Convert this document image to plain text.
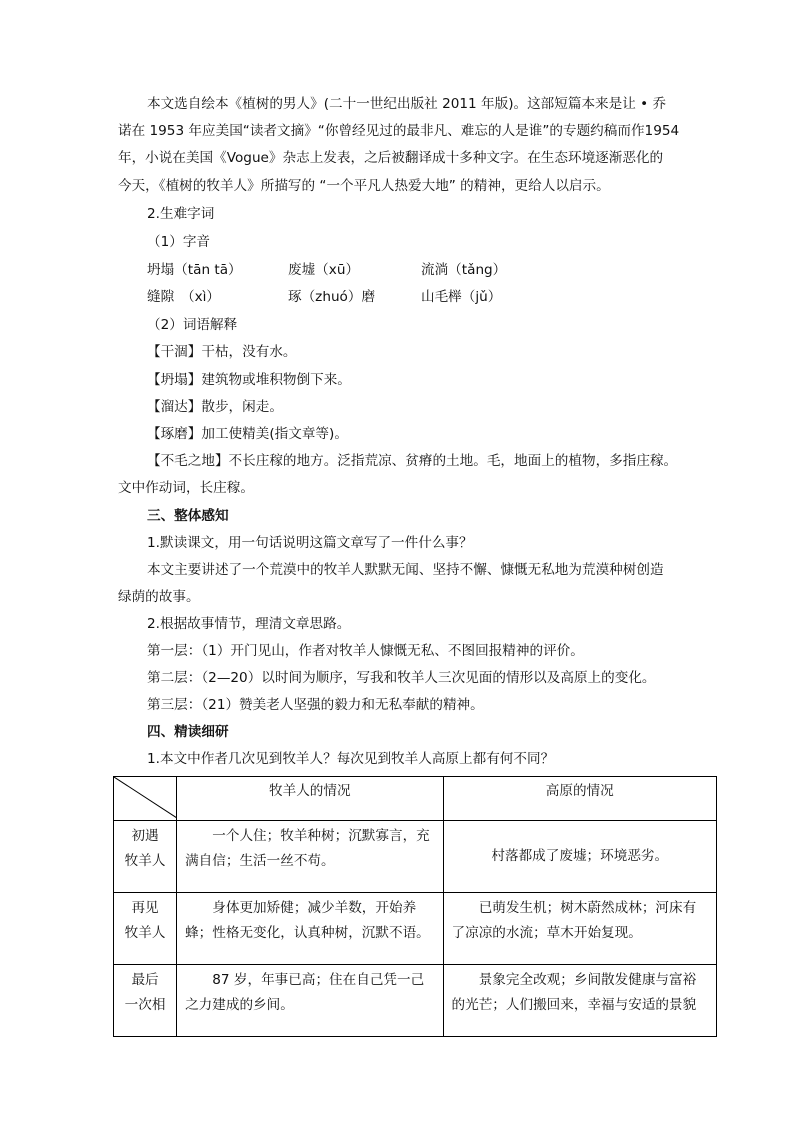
本文选自绘本《植树的男人》(二十一世纪出版社 2011 年版)。这部短篇本来是让 • 乔
诺在 1953 年应美国“读者文摘》“你曾经见过的最非凡、难忘的人是谁”的专题约稿而作1954
年，小说在美国《Vogue》杂志上发表，之后被翻译成十多种文字。在生态环境逐渐恶化的
今天，《植树的牧羊人》所描写的 “一个平凡人热爱大地” 的精神，更给人以启示。
2.生难字词
（1）字音
坍塌（tān tā）	废墟（xū）	流淌（tǎng）
缝隙　（xì）	琢（zhuó）磨	山毛榉（jǔ）
（2）词语解释
【干涸】干枯，没有水。
【坍塌】建筑物或堆积物倒下来。
【溜达】散步，闲走。
【琢磨】加工使精美(指文章等)。
【不毛之地】不长庄稼的地方。泛指荒凉、贫瘠的土地。毛，地面上的植物，多指庄稼。
文中作动词，长庄稼。
三、整体感知
1.默读课文，用一句话说明这篇文章写了一件什么事？
本文主要讲述了一个荒漠中的牧羊人默默无闻、坚持不懈、慷慨无私地为荒漠种树创造
绿荫的故事。
2.根据故事情节，理清文章思路。
第一层：（1）开门见山，作者对牧羊人慷慨无私、不图回报精神的评价。
第二层：（2—20）以时间为顺序，写我和牧羊人三次见面的情形以及高原上的变化。
第三层：（21）赞美老人坚强的毅力和无私奉献的精神。
四、精读细研
1.本文中作者几次见到牧羊人？每次见到牧羊人高原上都有何不同？
	牧羊人的情况	高原的情况

初遇
牧羊人	一个人住；牧羊种树；沉默寡言，充满自信；生活一丝不苟。	村落都成了废墟；环境恶劣。

再见
牧羊人	身体更加矫健；减少羊数，开始养蜂；性格无变化，认真种树，沉默不语。	已萌发生机；树木蔚然成林；河床有了凉凉的水流；草木开始复现。

最后
一次相	87 岁，年事已高；住在自己凭一己之力建成的乡间。	景象完全改观；乡间散发健康与富裕的光芒；人们搬回来，幸福与安适的景貌
